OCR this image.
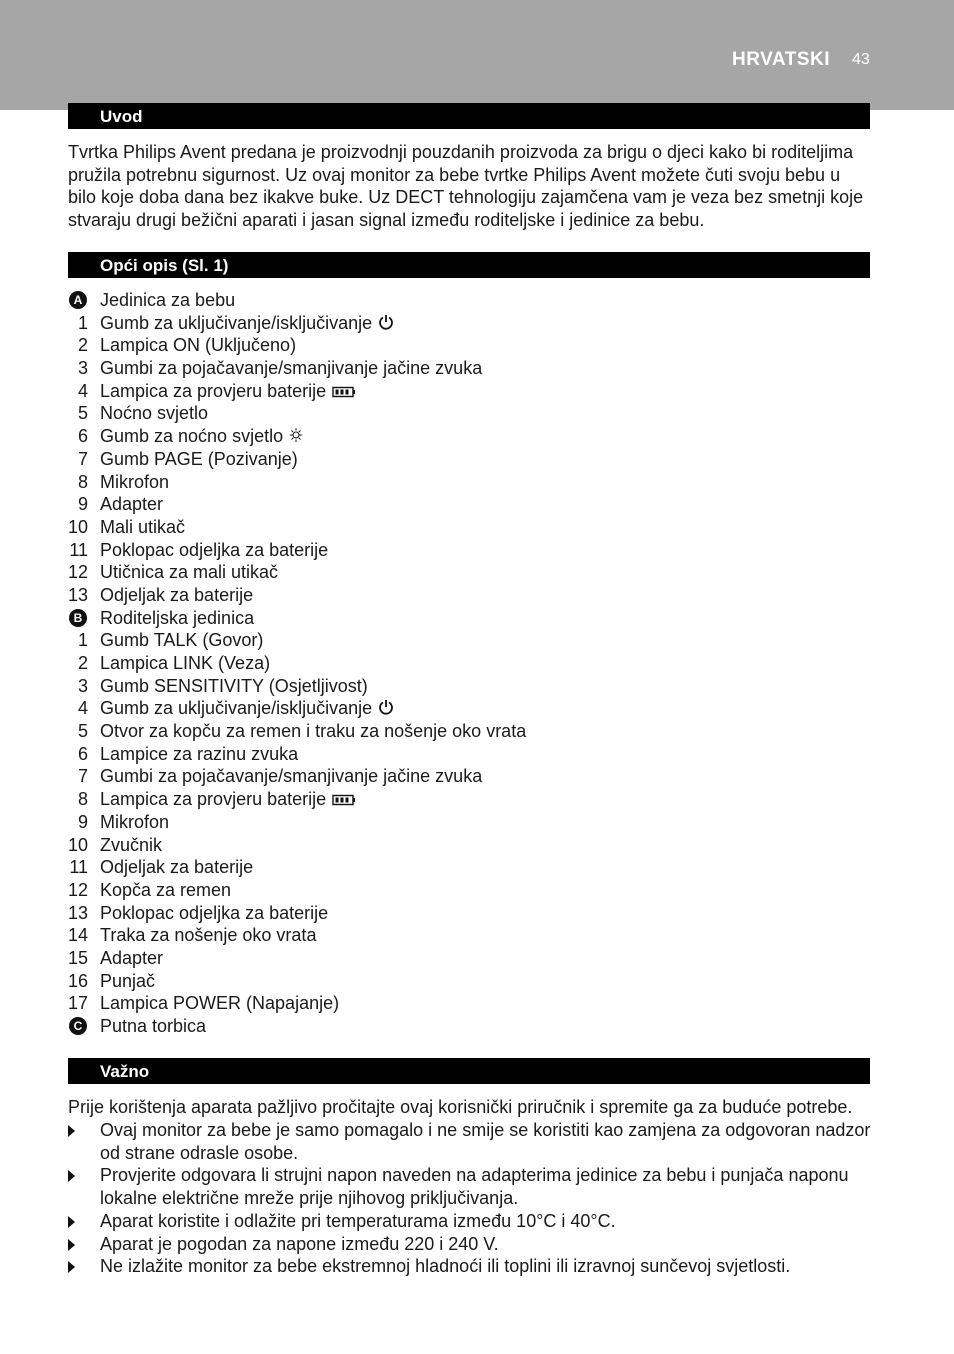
HRVATSKI 43
Uvod
Tvrtka Philips Avent predana je proizvodnji pouzdanih proizvoda za brigu o djeci kako bi roditeljima pružila potrebnu sigurnost. Uz ovaj monitor za bebe tvrtke Philips Avent možete čuti svoju bebu u bilo koje doba dana bez ikakve buke. Uz DECT tehnologiju zajamčena vam je veza bez smetnji koje stvaraju drugi bežični aparati i jasan signal između roditeljske i jedinice za bebu.
Opći opis (Sl. 1)
A Jedinica za bebu
1 Gumb za uključivanje/isključivanje
2 Lampica ON (Uključeno)
3 Gumbi za pojačavanje/smanjivanje jačine zvuka
4 Lampica za provjeru baterije
5 Noćno svjetlo
6 Gumb za noćno svjetlo
7 Gumb PAGE (Pozivanje)
8 Mikrofon
9 Adapter
10 Mali utikač
11 Poklopac odjeljka za baterije
12 Utičnica za mali utikač
13 Odjeljak za baterije
B Roditeljska jedinica
1 Gumb TALK (Govor)
2 Lampica LINK (Veza)
3 Gumb SENSITIVITY (Osjetljivost)
4 Gumb za uključivanje/isključivanje
5 Otvor za kopču za remen i traku za nošenje oko vrata
6 Lampice za razinu zvuka
7 Gumbi za pojačavanje/smanjivanje jačine zvuka
8 Lampica za provjeru baterije
9 Mikrofon
10 Zvučnik
11 Odjeljak za baterije
12 Kopča za remen
13 Poklopac odjeljka za baterije
14 Traka za nošenje oko vrata
15 Adapter
16 Punjač
17 Lampica POWER (Napajanje)
C Putna torbica
Važno
Prije korištenja aparata pažljivo pročitajte ovaj korisnički priručnik i spremite ga za buduće potrebe.
Ovaj monitor za bebe je samo pomagalo i ne smije se koristiti kao zamjena za odgovoran nadzor od strane odrasle osobe.
Provjerite odgovara li strujni napon naveden na adapterima jedinice za bebu i punjača naponu lokalne električne mreže prije njihovog priključivanja.
Aparat koristite i odlažite pri temperaturama između 10°C i 40°C.
Aparat je pogodan za napone između 220 i 240 V.
Ne izlažite monitor za bebe ekstremnoj hladnoći ili toplini ili izravnoj sunčevoj svjetlosti.
